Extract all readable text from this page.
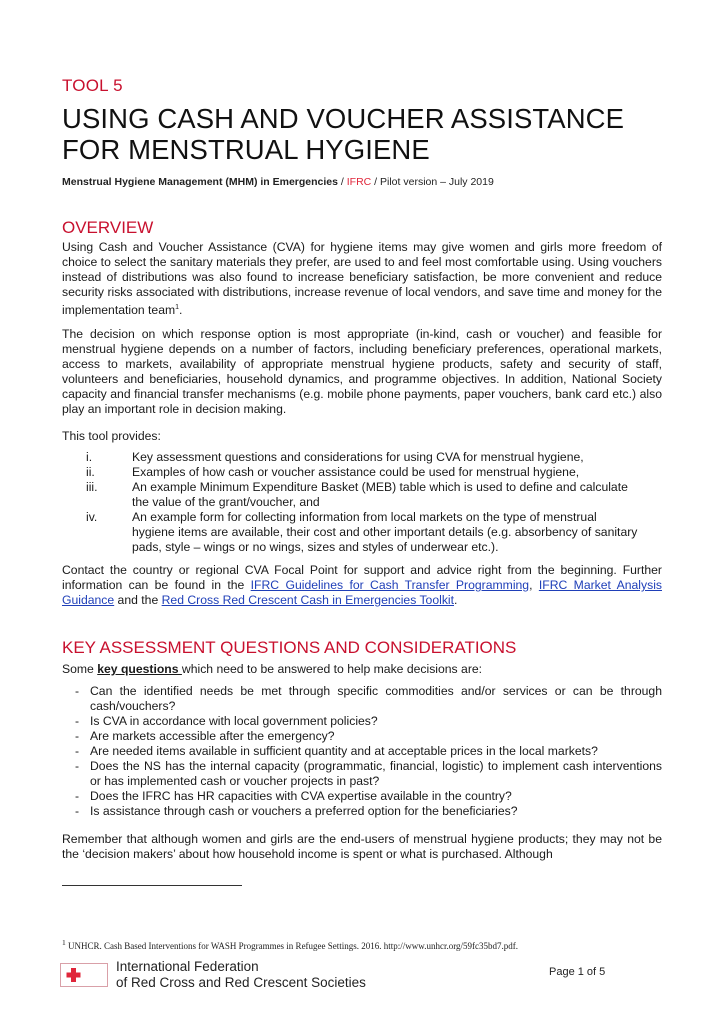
TOOL 5
USING CASH AND VOUCHER ASSISTANCE
FOR MENSTRUAL HYGIENE
Menstrual Hygiene Management (MHM) in Emergencies / IFRC / Pilot version – July 2019
OVERVIEW

Using Cash and Voucher Assistance (CVA) for hygiene items may give women and girls more freedom of choice to select the sanitary materials they prefer, are used to and feel most comfortable using. Using vouchers instead of distributions was also found to increase beneficiary satisfaction, be more convenient and reduce security risks associated with distributions, increase revenue of local vendors, and save time and money for the implementation team$^1$.

The decision on which response option is most appropriate (in-kind, cash or voucher) and feasible for menstrual hygiene depends on a number of factors, including beneficiary preferences, operational markets, access to markets, availability of appropriate menstrual hygiene products, safety and security of staff, volunteers and beneficiaries, household dynamics, and programme objectives. In addition, National Society capacity and financial transfer mechanisms (e.g. mobile phone payments, paper vouchers, bank card etc.) also play an important role in decision making.

This tool provides:

i.	Key assessment questions and considerations for using CVA for menstrual hygiene,
ii.	Examples of how cash or voucher assistance could be used for menstrual hygiene,
iii.	An example Minimum Expenditure Basket (MEB) table which is used to define and calculate the value of the grant/voucher, and
iv.	An example form for collecting information from local markets on the type of menstrual hygiene items are available, their cost and other important details (e.g. absorbency of sanitary pads, style – wings or no wings, sizes and styles of underwear etc.).

Contact the country or regional CVA Focal Point for support and advice right from the beginning. Further information can be found in the IFRC Guidelines for Cash Transfer Programming, IFRC Market Analysis Guidance and the Red Cross Red Crescent Cash in Emergencies Toolkit.

KEY ASSESSMENT QUESTIONS AND CONSIDERATIONS

Some key questions which need to be answered to help make decisions are:

- Can the identified needs be met through specific commodities and/or services or can be through cash/vouchers?
- Is CVA in accordance with local government policies?
- Are markets accessible after the emergency?
- Are needed items available in sufficient quantity and at acceptable prices in the local markets?
- Does the NS has the internal capacity (programmatic, financial, logistic) to implement cash interventions or has implemented cash or voucher projects in past?
- Does the IFRC has HR capacities with CVA expertise available in the country?
- Is assistance through cash or vouchers a preferred option for the beneficiaries?

Remember that although women and girls are the end-users of menstrual hygiene products; they may not be the ‘decision makers’ about how household income is spent or what is purchased. Although

$^1$ UNHCR. Cash Based Interventions for WASH Programmes in Refugee Settings. 2016. http://www.unhcr.org/59fc35bd7.pdf.
International Federation
of Red Cross and Red Crescent Societies
Page 1 of 5
